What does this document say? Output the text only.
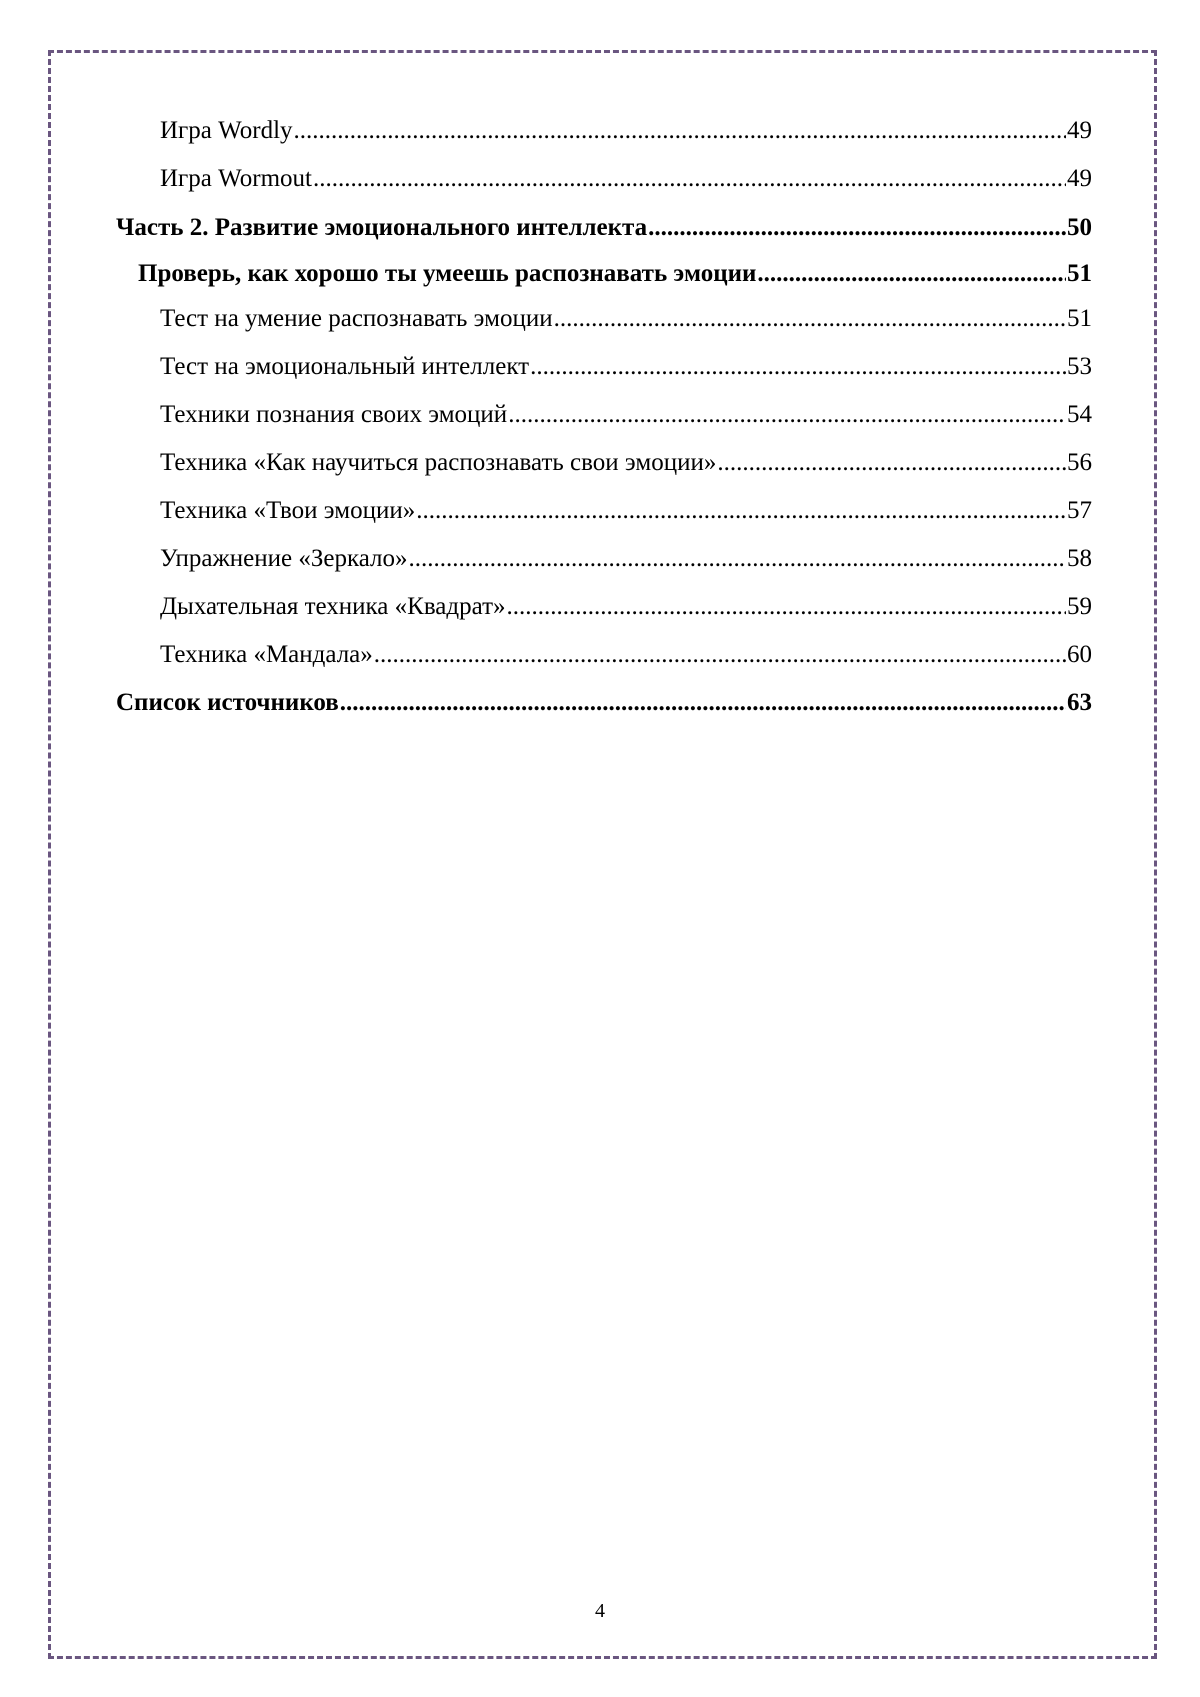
Игра Wordly .....	49
Игра Wormout .....	49
Часть 2. Развитие эмоционального интеллекта .....	50
Проверь, как хорошо ты умеешь распознавать эмоции .....	51
Тест на умение распознавать эмоции .....	51
Тест на эмоциональный интеллект .....	53
Техники познания своих эмоций .....	54
Техника «Как научиться распознавать свои эмоции» .....	56
Техника «Твои эмоции» .....	57
Упражнение «Зеркало» .....	58
Дыхательная техника «Квадрат» .....	59
Техника «Мандала» .....	60
Список источников .....	63
4
